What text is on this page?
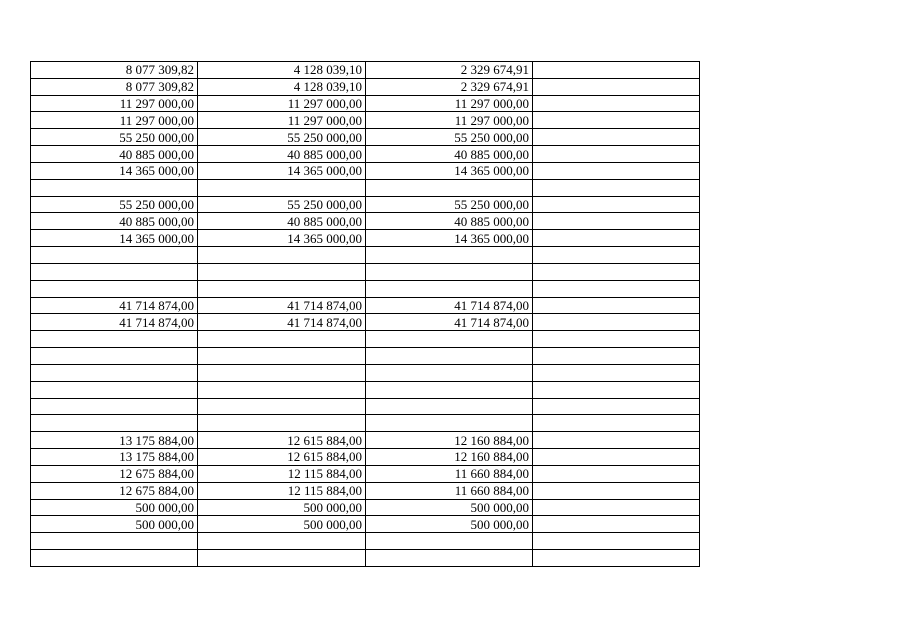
8 077 309,82	4 128 039,10	2 329 674,91	
8 077 309,82	4 128 039,10	2 329 674,91	
11 297 000,00	11 297 000,00	11 297 000,00	
11 297 000,00	11 297 000,00	11 297 000,00	
55 250 000,00	55 250 000,00	55 250 000,00	
40 885 000,00	40 885 000,00	40 885 000,00	
14 365 000,00	14 365 000,00	14 365 000,00	

55 250 000,00	55 250 000,00	55 250 000,00	
40 885 000,00	40 885 000,00	40 885 000,00	
14 365 000,00	14 365 000,00	14 365 000,00	

41 714 874,00	41 714 874,00	41 714 874,00	
41 714 874,00	41 714 874,00	41 714 874,00	

13 175 884,00	12 615 884,00	12 160 884,00	
13 175 884,00	12 615 884,00	12 160 884,00	
12 675 884,00	12 115 884,00	11 660 884,00	
12 675 884,00	12 115 884,00	11 660 884,00	
500 000,00	500 000,00	500 000,00	
500 000,00	500 000,00	500 000,00	
